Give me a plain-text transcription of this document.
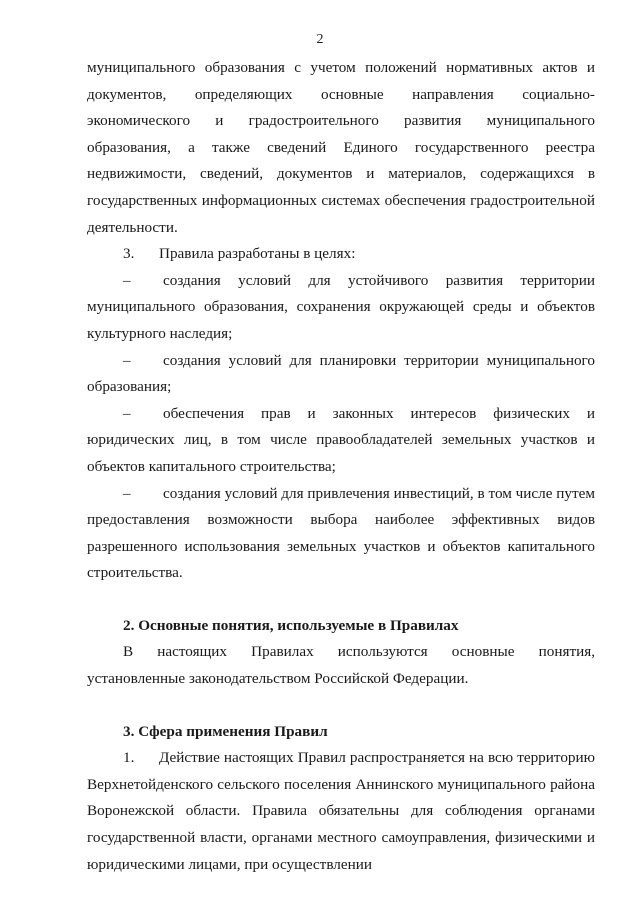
2

муниципального образования с учетом положений нормативных актов и документов, определяющих основные направления социально-экономического и градостроительного развития муниципального образования, а также сведений Единого государственного реестра недвижимости, сведений, документов и материалов, содержащихся в государственных информационных системах обеспечения градостроительной деятельности.

3. Правила разработаны в целях:

– создания условий для устойчивого развития территории муниципального образования, сохранения окружающей среды и объектов культурного наследия;

– создания условий для планировки территории муниципального образования;

– обеспечения прав и законных интересов физических и юридических лиц, в том числе правообладателей земельных участков и объектов капитального строительства;

– создания условий для привлечения инвестиций, в том числе путем предоставления возможности выбора наиболее эффективных видов разрешенного использования земельных участков и объектов капитального строительства.

2. Основные понятия, используемые в Правилах

В настоящих Правилах используются основные понятия, установленные законодательством Российской Федерации.

3. Сфера применения Правил

1. Действие настоящих Правил распространяется на всю территорию Верхнетойденского сельского поселения Аннинского муниципального района Воронежской области. Правила обязательны для соблюдения органами государственной власти, органами местного самоуправления, физическими и юридическими лицами, при осуществлении
